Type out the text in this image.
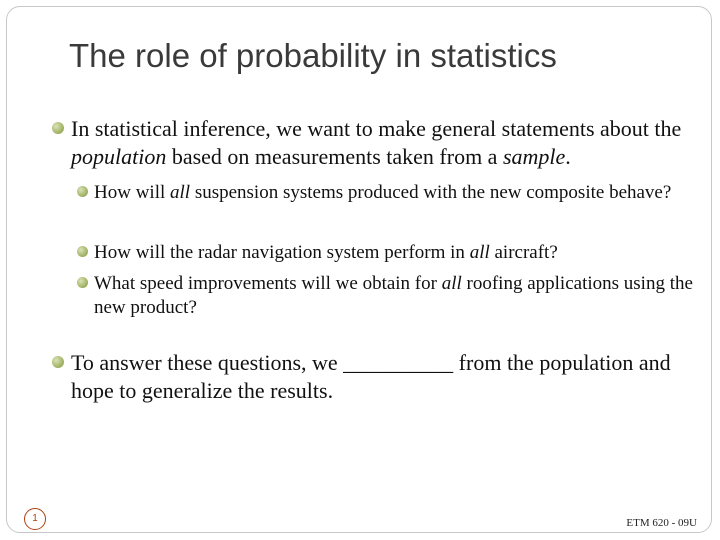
The role of probability in statistics
In statistical inference, we want to make general statements about the population based on measurements taken from a sample.
How will all suspension systems produced with the new composite behave?
How will the radar navigation system perform in all aircraft?
What speed improvements will we obtain for all roofing applications using the new product?
To answer these questions, we __________ from the population and hope to generalize the results.
1	ETM 620 - 09U
